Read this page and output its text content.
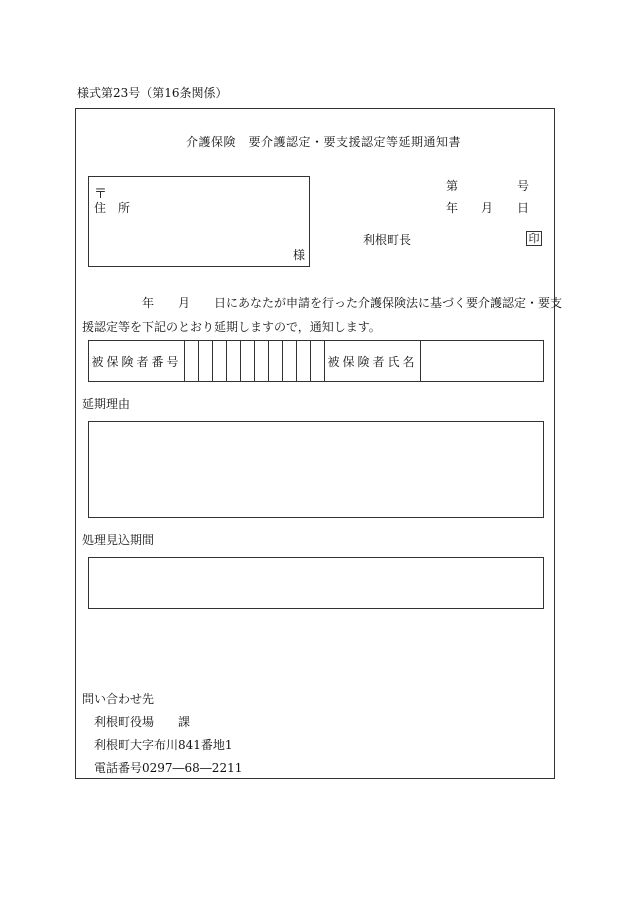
様式第23号（第16条関係）
介護保険　要介護認定・要支援認定等延期通知書
〒
住　所
様
第	号
年 月 日
利根町長	印
年 月 日にあなたが申請を行った介護保険法に基づく要介護認定・要支
援認定等を下記のとおり延期しますので，通知します。
被保険者番号	被保険者氏名
延期理由
処理見込期間
問い合わせ先
利根町役場　　課
利根町大字布川841番地1
電話番号0297―68―2211
